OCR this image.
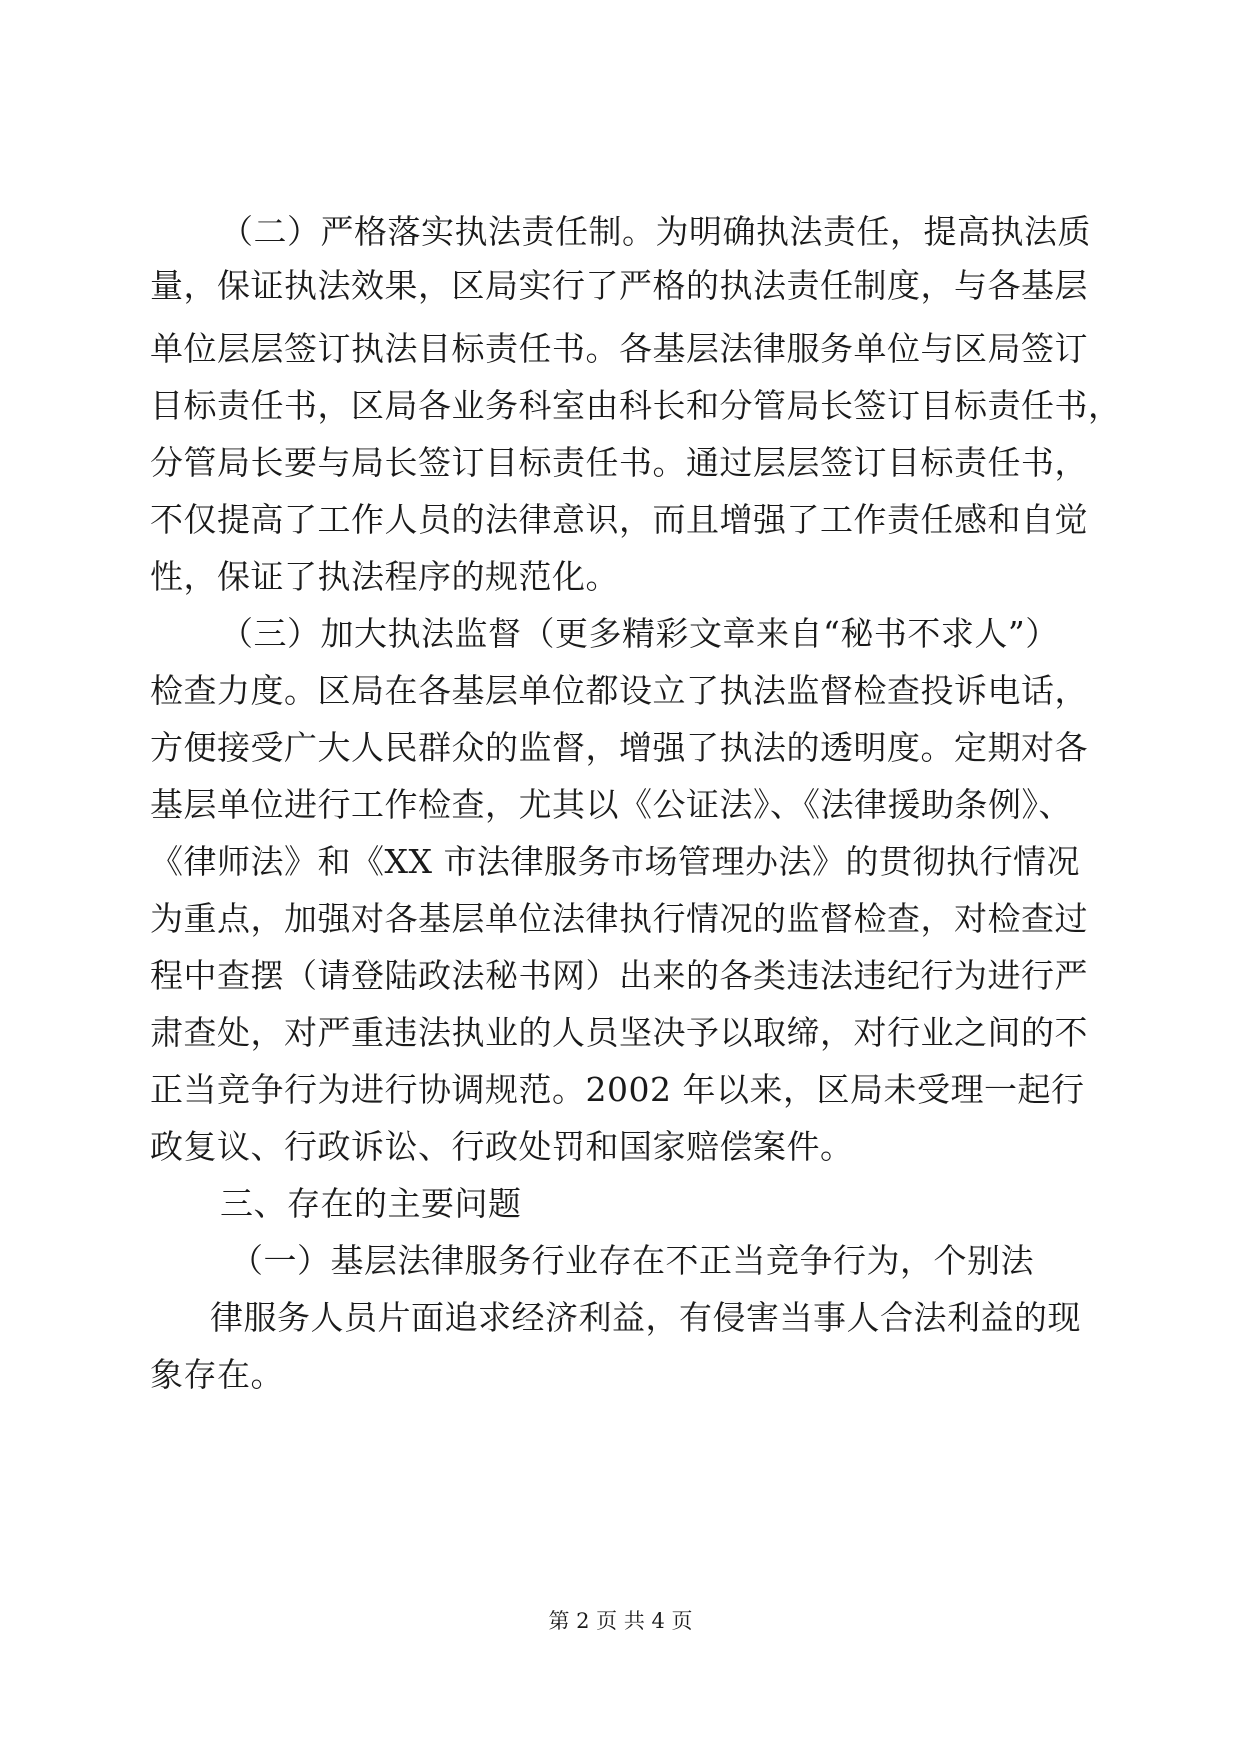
（二）严格落实执法责任制。为明确执法责任，提高执法质
量，保证执法效果，区局实行了严格的执法责任制度，与各基层
单位层层签订执法目标责任书。各基层法律服务单位与区局签订
目标责任书，区局各业务科室由科长和分管局长签订目标责任书，
分管局长要与局长签订目标责任书。通过层层签订目标责任书，
不仅提高了工作人员的法律意识，而且增强了工作责任感和自觉
性，保证了执法程序的规范化。
（三）加大执法监督（更多精彩文章来自“秘书不求人”）
检查力度。区局在各基层单位都设立了执法监督检查投诉电话，
方便接受广大人民群众的监督，增强了执法的透明度。定期对各
基层单位进行工作检查，尤其以《公证法》、《法律援助条例》、
《律师法》和《XX 市法律服务市场管理办法》的贯彻执行情况
为重点，加强对各基层单位法律执行情况的监督检查，对检查过
程中查摆（请登陆政法秘书网）出来的各类违法违纪行为进行严
肃查处，对严重违法执业的人员坚决予以取缔，对行业之间的不
正当竞争行为进行协调规范。2002 年以来，区局未受理一起行
政复议、行政诉讼、行政处罚和国家赔偿案件。
三、存在的主要问题
（一）基层法律服务行业存在不正当竞争行为，个别法
律服务人员片面追求经济利益，有侵害当事人合法利益的现
象存在。
第 2 页 共 4 页
